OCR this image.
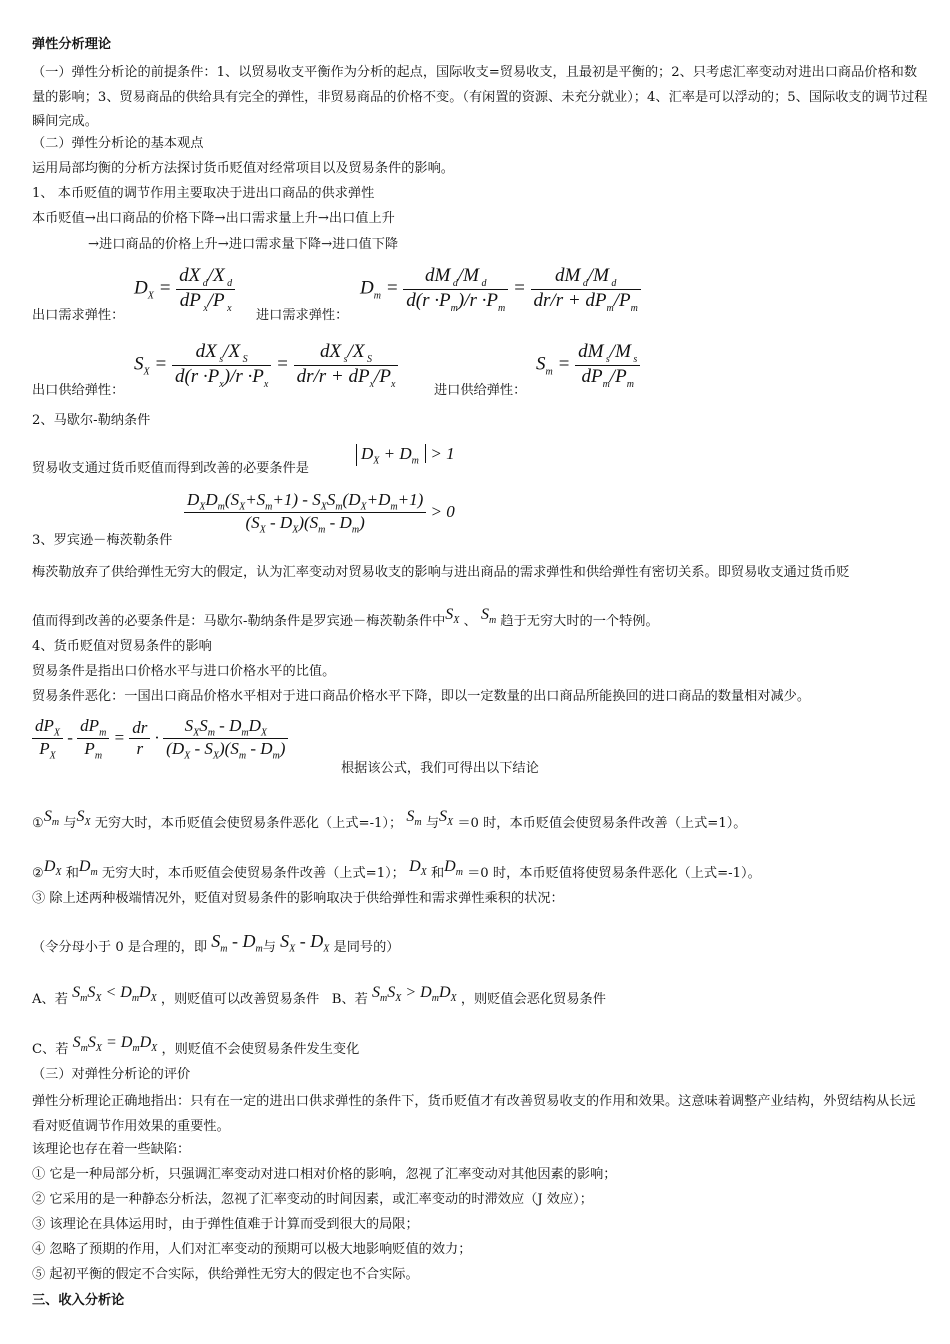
弹性分析理论
（一）弹性分析论的前提条件：1、以贸易收支平衡作为分析的起点，国际收支=贸易收支，且最初是平衡的；2、只考虑汇率变动对进出口商品价格和数量的影响；3、贸易商品的供给具有完全的弹性，非贸易商品的价格不变。（有闲置的资源、未充分就业）；4、汇率是可以浮动的；5、国际收支的调节过程瞬间完成。
（二）弹性分析论的基本观点
运用局部均衡的分析方法探讨货币贬值对经常项目以及贸易条件的影响。
1、 本币贬值的调节作用主要取决于进出口商品的供求弹性
本币贬值→出口商品的价格下降→出口需求量上升→出口值上升
→进口商品的价格上升→进口需求量下降→进口值下降
出口需求弹性：
$D_X = \frac{dX _d/X _d}{dP _x/P _x}$
进口需求弹性：
$D_m = \frac{dM _d/M _d}{d(r \cdot P_m)/r \cdot P_m} = \frac{dM _d/M _d}{dr/r + dP_m/P_m}$
出口供给弹性：
$S_X = \frac{dX _s/X _S}{d(r \cdot P_x)/r \cdot P_x} = \frac{dX _s/X _S}{dr/r + dP_x/P_x}$
进口供给弹性：
$S_m = \frac{dM _s/M _s}{dP_m/P_m}$
2、马歇尔-勒纳条件
贸易收支通过货币贬值而得到改善的必要条件是
$D_X + D_m > 1$
$\frac{D_XD_m(S_X+S_m+1) - S_XS_m(D_X+D_m+1)}{(S_X - D_X)(S_m - D_m)} > 0$
3、罗宾逊－梅茨勒条件
梅茨勒放弃了供给弹性无穷大的假定，认为汇率变动对贸易收支的影响与进出商品的需求弹性和供给弹性有密切关系。即贸易收支通过货币贬
值而得到改善的必要条件是：马歇尔-勒纳条件是罗宾逊－梅茨勒条件中$S_X$ 、 $S_m$ 趋于无穷大时的一个特例。
4、货币贬值对贸易条件的影响
贸易条件是指出口价格水平与进口价格水平的比值。
贸易条件恶化：一国出口商品价格水平相对于进口商品价格水平下降，即以一定数量的出口商品所能换回的进口商品的数量相对减少。
$\frac{dP_X}{P_X} - \frac{dP_m}{P_m} = \frac{dr}{r} \cdot \frac{S_XS_m - D_mD_X}{(D_X - S_X)(S_m - D_m)}$
根据该公式，我们可得出以下结论
$①S_m$ 与$S_X$ 无穷大时，本币贬值会使贸易条件恶化（上式=-1）； $S_m$ 与$S_X =0$ 时，本币贬值会使贸易条件改善（上式=1）。
$②D_X$ 和$D_m$ 无穷大时，本币贬值会使贸易条件改善（上式=1）； $D_X$ 和$D_m =0$ 时，本币贬值将使贸易条件恶化（上式=-1）。
③ 除上述两种极端情况外，贬值对贸易条件的影响取决于供给弹性和需求弹性乘积的状况：
（令分母小于 0 是合理的，即 $S_m - D_m$与 $S_X - D_X$ 是同号的）
A、若 $S_mS_X < D_mD_X$ ，则贬值可以改善贸易条件 B、若 $S_mS_X > D_mD_X$ ，则贬值会恶化贸易条件
C、若 $S_mS_X = D_mD_X$ ，则贬值不会使贸易条件发生变化
（三）对弹性分析论的评价
弹性分析理论正确地指出：只有在一定的进出口供求弹性的条件下，货币贬值才有改善贸易收支的作用和效果。这意味着调整产业结构，外贸结构从长远看对贬值调节作用效果的重要性。
该理论也存在着一些缺陷：
① 它是一种局部分析，只强调汇率变动对进口相对价格的影响，忽视了汇率变动对其他因素的影响；
② 它采用的是一种静态分析法，忽视了汇率变动的时间因素，或汇率变动的时滞效应（J 效应）；
③ 该理论在具体运用时，由于弹性值难于计算而受到很大的局限；
④ 忽略了预期的作用，人们对汇率变动的预期可以极大地影响贬值的效力；
⑤ 起初平衡的假定不合实际，供给弹性无穷大的假定也不合实际。
三、收入分析论
